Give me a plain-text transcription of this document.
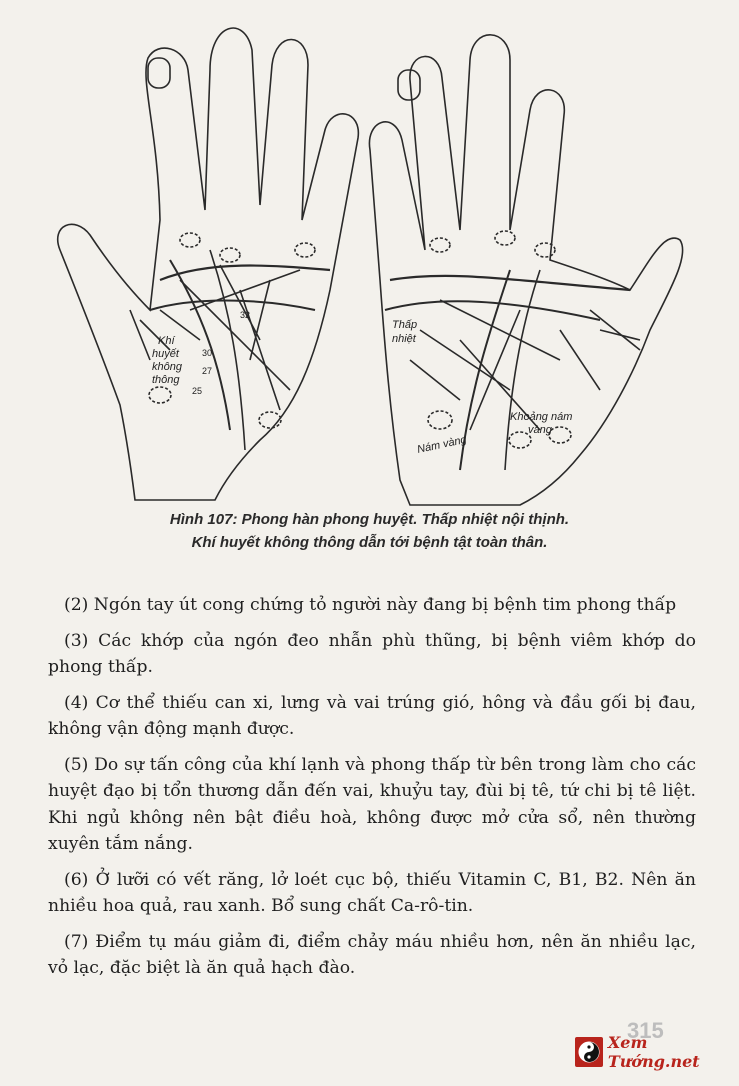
Khí
huyết
không
thông
32
30
27
25
Thấp
nhiệt
Nám vàng
Khoảng nám
vàng
Hình 107: Phong hàn phong huyệt. Thấp nhiệt nội thịnh.
Khí huyết không thông dẫn tới bệnh tật toàn thân.

(2) Ngón tay út cong chứng tỏ người này đang bị bệnh tim phong thấp

(3) Các khớp của ngón đeo nhẫn phù thũng, bị bệnh viêm khớp do phong thấp.

(4) Cơ thể thiếu can xi, lưng và vai trúng gió, hông và đầu gối bị đau, không vận động mạnh được.

(5) Do sự tấn công của khí lạnh và phong thấp từ bên trong làm cho các huyệt đạo bị tổn thương dẫn đến vai, khuỷu tay, đùi bị tê, tứ chi bị tê liệt. Khi ngủ không nên bật điều hoà, không được mở cửa sổ, nên thường xuyên tắm nắng.

(6) Ở lưỡi có vết răng, lở loét cục bộ, thiếu Vitamin C, B1, B2. Nên ăn nhiều hoa quả, rau xanh. Bổ sung chất Ca-rô-tin.

(7) Điểm tụ máu giảm đi, điểm chảy máu nhiều hơn, nên ăn nhiều lạc, vỏ lạc, đặc biệt là ăn quả hạch đào.

315
Xem Tướng.net
